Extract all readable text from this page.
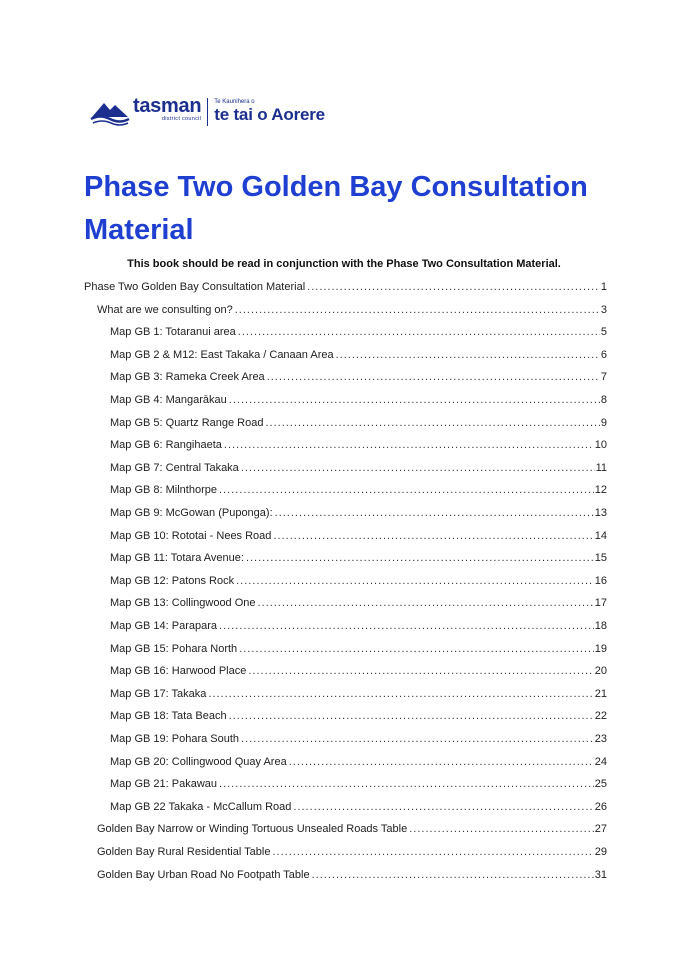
tasman
district council
Te Kaunihera o
te tai o Aorere
Phase Two Golden Bay Consultation Material

This book should be read in conjunction with the Phase Two Consultation Material.

Phase Two Golden Bay Consultation Material .....	1
What are we consulting on? .....	3
Map GB 1: Totaranui area .....	5
Map GB 2 & M12: East Takaka / Canaan Area .....	6
Map GB 3: Rameka Creek Area .....	7
Map GB 4: Mangarākau .....	8
Map GB 5: Quartz Range Road .....	9
Map GB 6: Rangihaeta .....	10
Map GB 7: Central Takaka .....	11
Map GB 8: Milnthorpe .....	12
Map GB 9: McGowan (Puponga): .....	13
Map GB 10: Rototai - Nees Road .....	14
Map GB 11: Totara Avenue: .....	15
Map GB 12: Patons Rock .....	16
Map GB 13: Collingwood One .....	17
Map GB 14: Parapara .....	18
Map GB 15: Pohara North .....	19
Map GB 16: Harwood Place .....	20
Map GB 17: Takaka .....	21
Map GB 18: Tata Beach .....	22
Map GB 19: Pohara South .....	23
Map GB 20: Collingwood Quay Area .....	24
Map GB 21: Pakawau .....	25
Map GB 22 Takaka - McCallum Road .....	26
Golden Bay Narrow or Winding Tortuous Unsealed Roads Table .....	27
Golden Bay Rural Residential Table .....	29
Golden Bay Urban Road No Footpath Table .....	31
